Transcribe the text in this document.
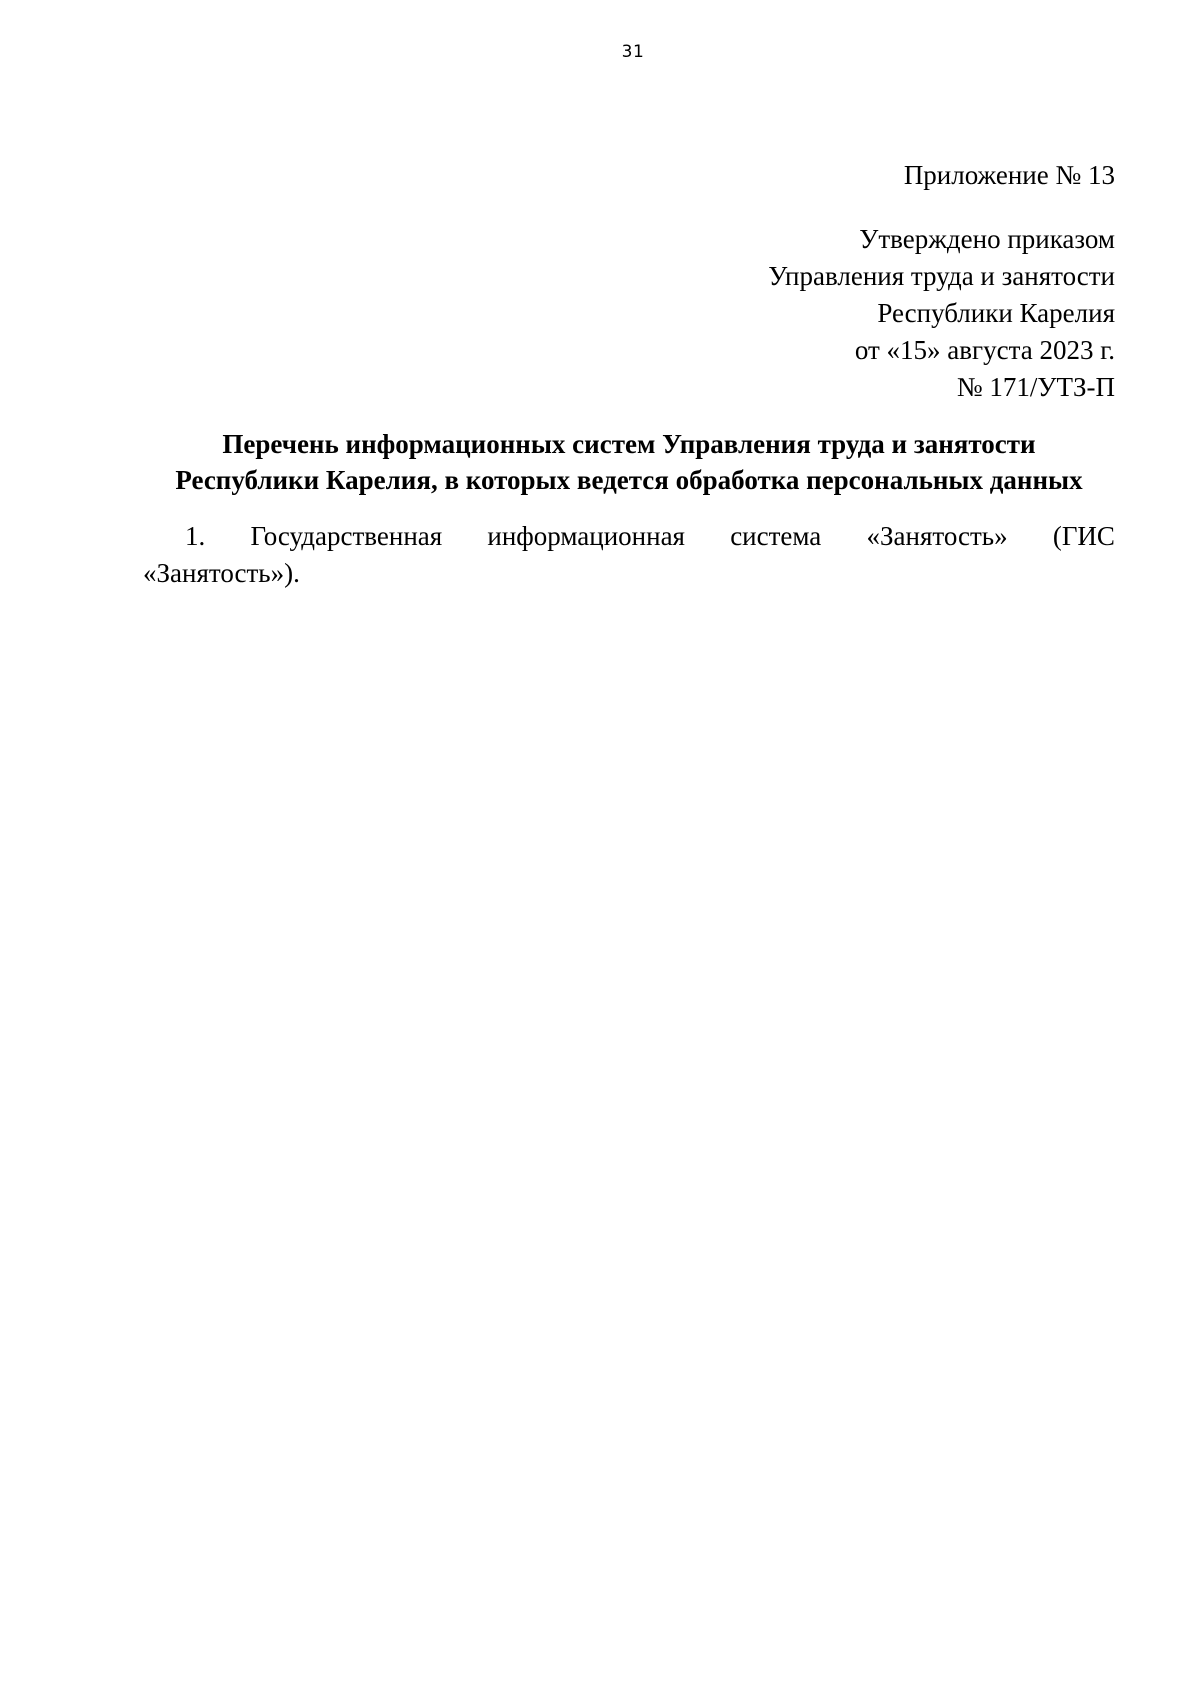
31
Приложение № 13
Утверждено приказом
Управления труда и занятости
Республики Карелия
от «15» августа 2023 г.
№ 171/УТЗ-П
Перечень информационных систем Управления труда и занятости
Республики Карелия, в которых ведется обработка персональных данных
1. Государственная информационная система «Занятость» (ГИС
«Занятость»).
